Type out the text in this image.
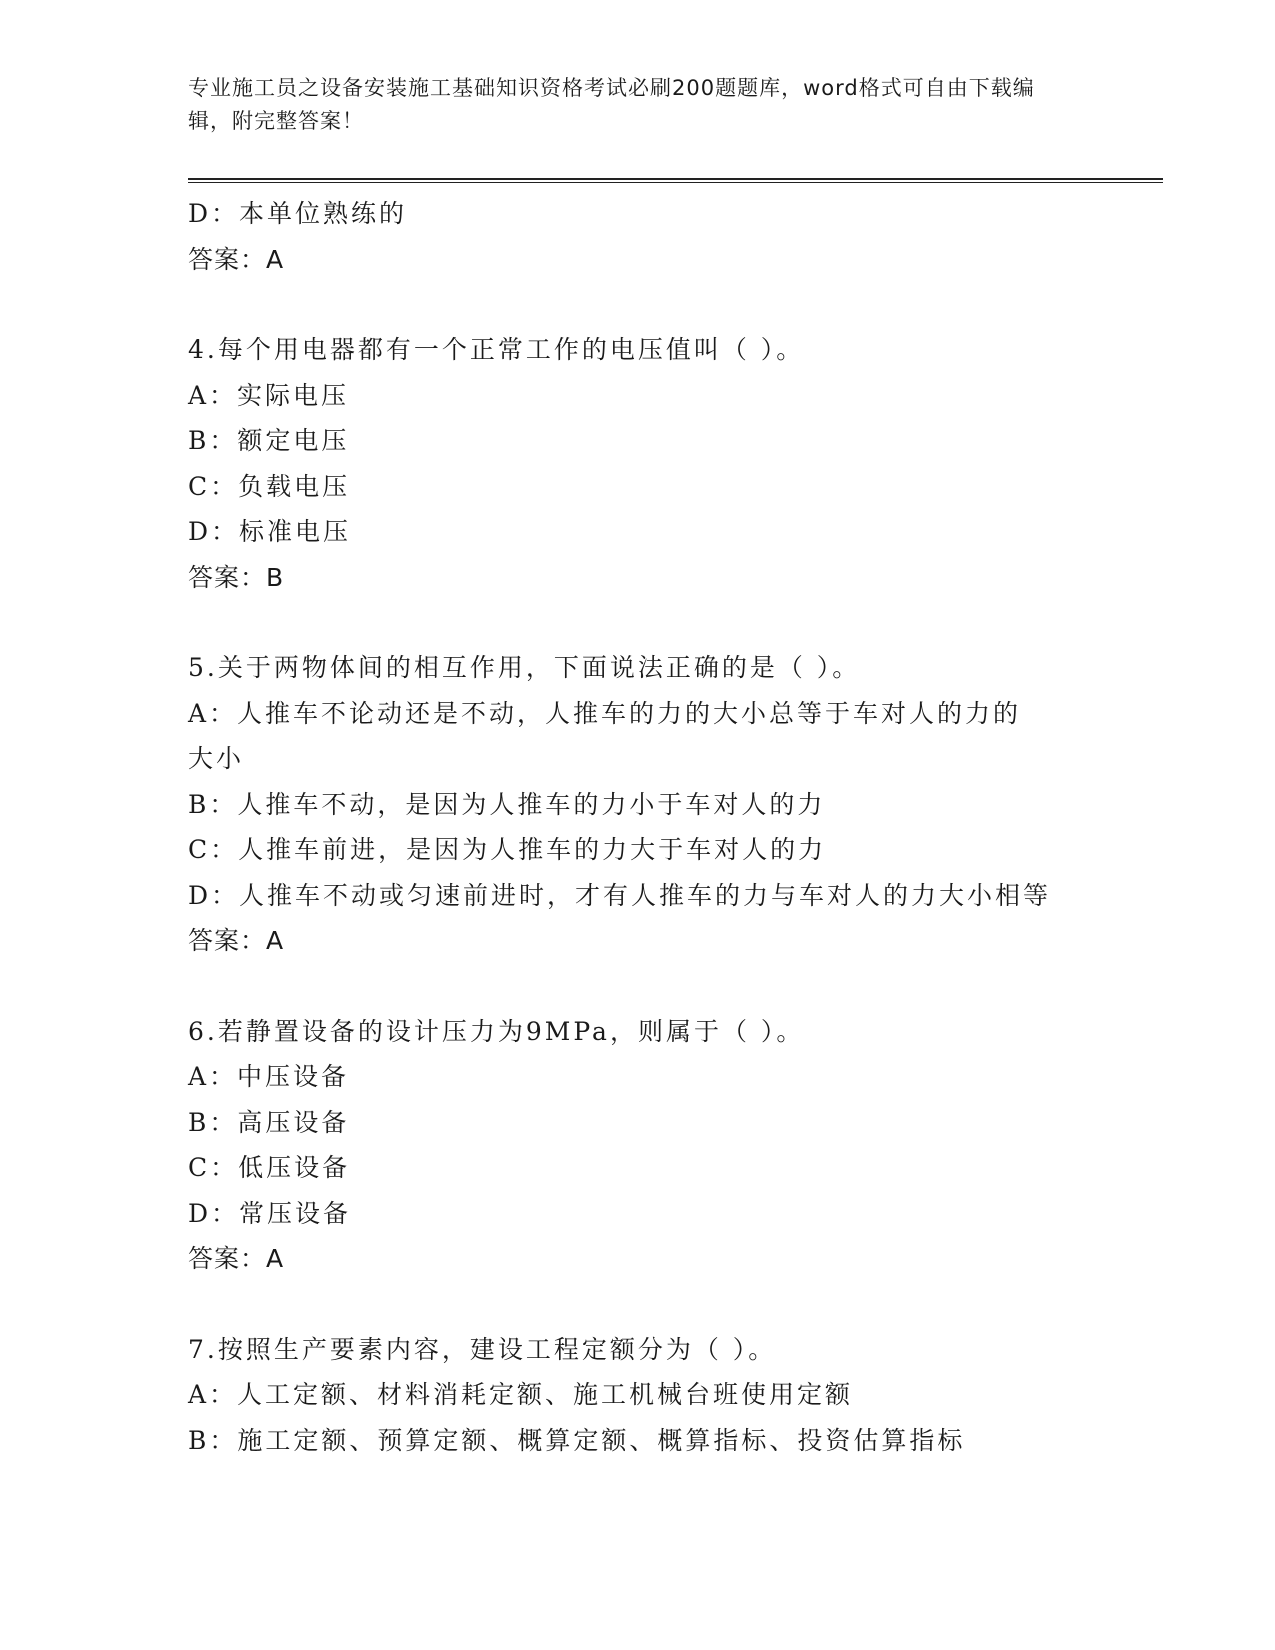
专业施工员之设备安装施工基础知识资格考试必刷200题题库，word格式可自由下载编辑，附完整答案！
D：本单位熟练的
答案：A
4.每个用电器都有一个正常工作的电压值叫（ ）。
A：实际电压
B：额定电压
C：负载电压
D：标准电压
答案：B
5.关于两物体间的相互作用，下面说法正确的是（ ）。
A：人推车不论动还是不动，人推车的力的大小总等于车对人的力的大小
B：人推车不动，是因为人推车的力小于车对人的力
C：人推车前进，是因为人推车的力大于车对人的力
D：人推车不动或匀速前进时，才有人推车的力与车对人的力大小相等
答案：A
6.若静置设备的设计压力为9MPa，则属于（ ）。
A：中压设备
B：高压设备
C：低压设备
D：常压设备
答案：A
7.按照生产要素内容，建设工程定额分为（ ）。
A：人工定额、材料消耗定额、施工机械台班使用定额
B：施工定额、预算定额、概算定额、概算指标、投资估算指标
